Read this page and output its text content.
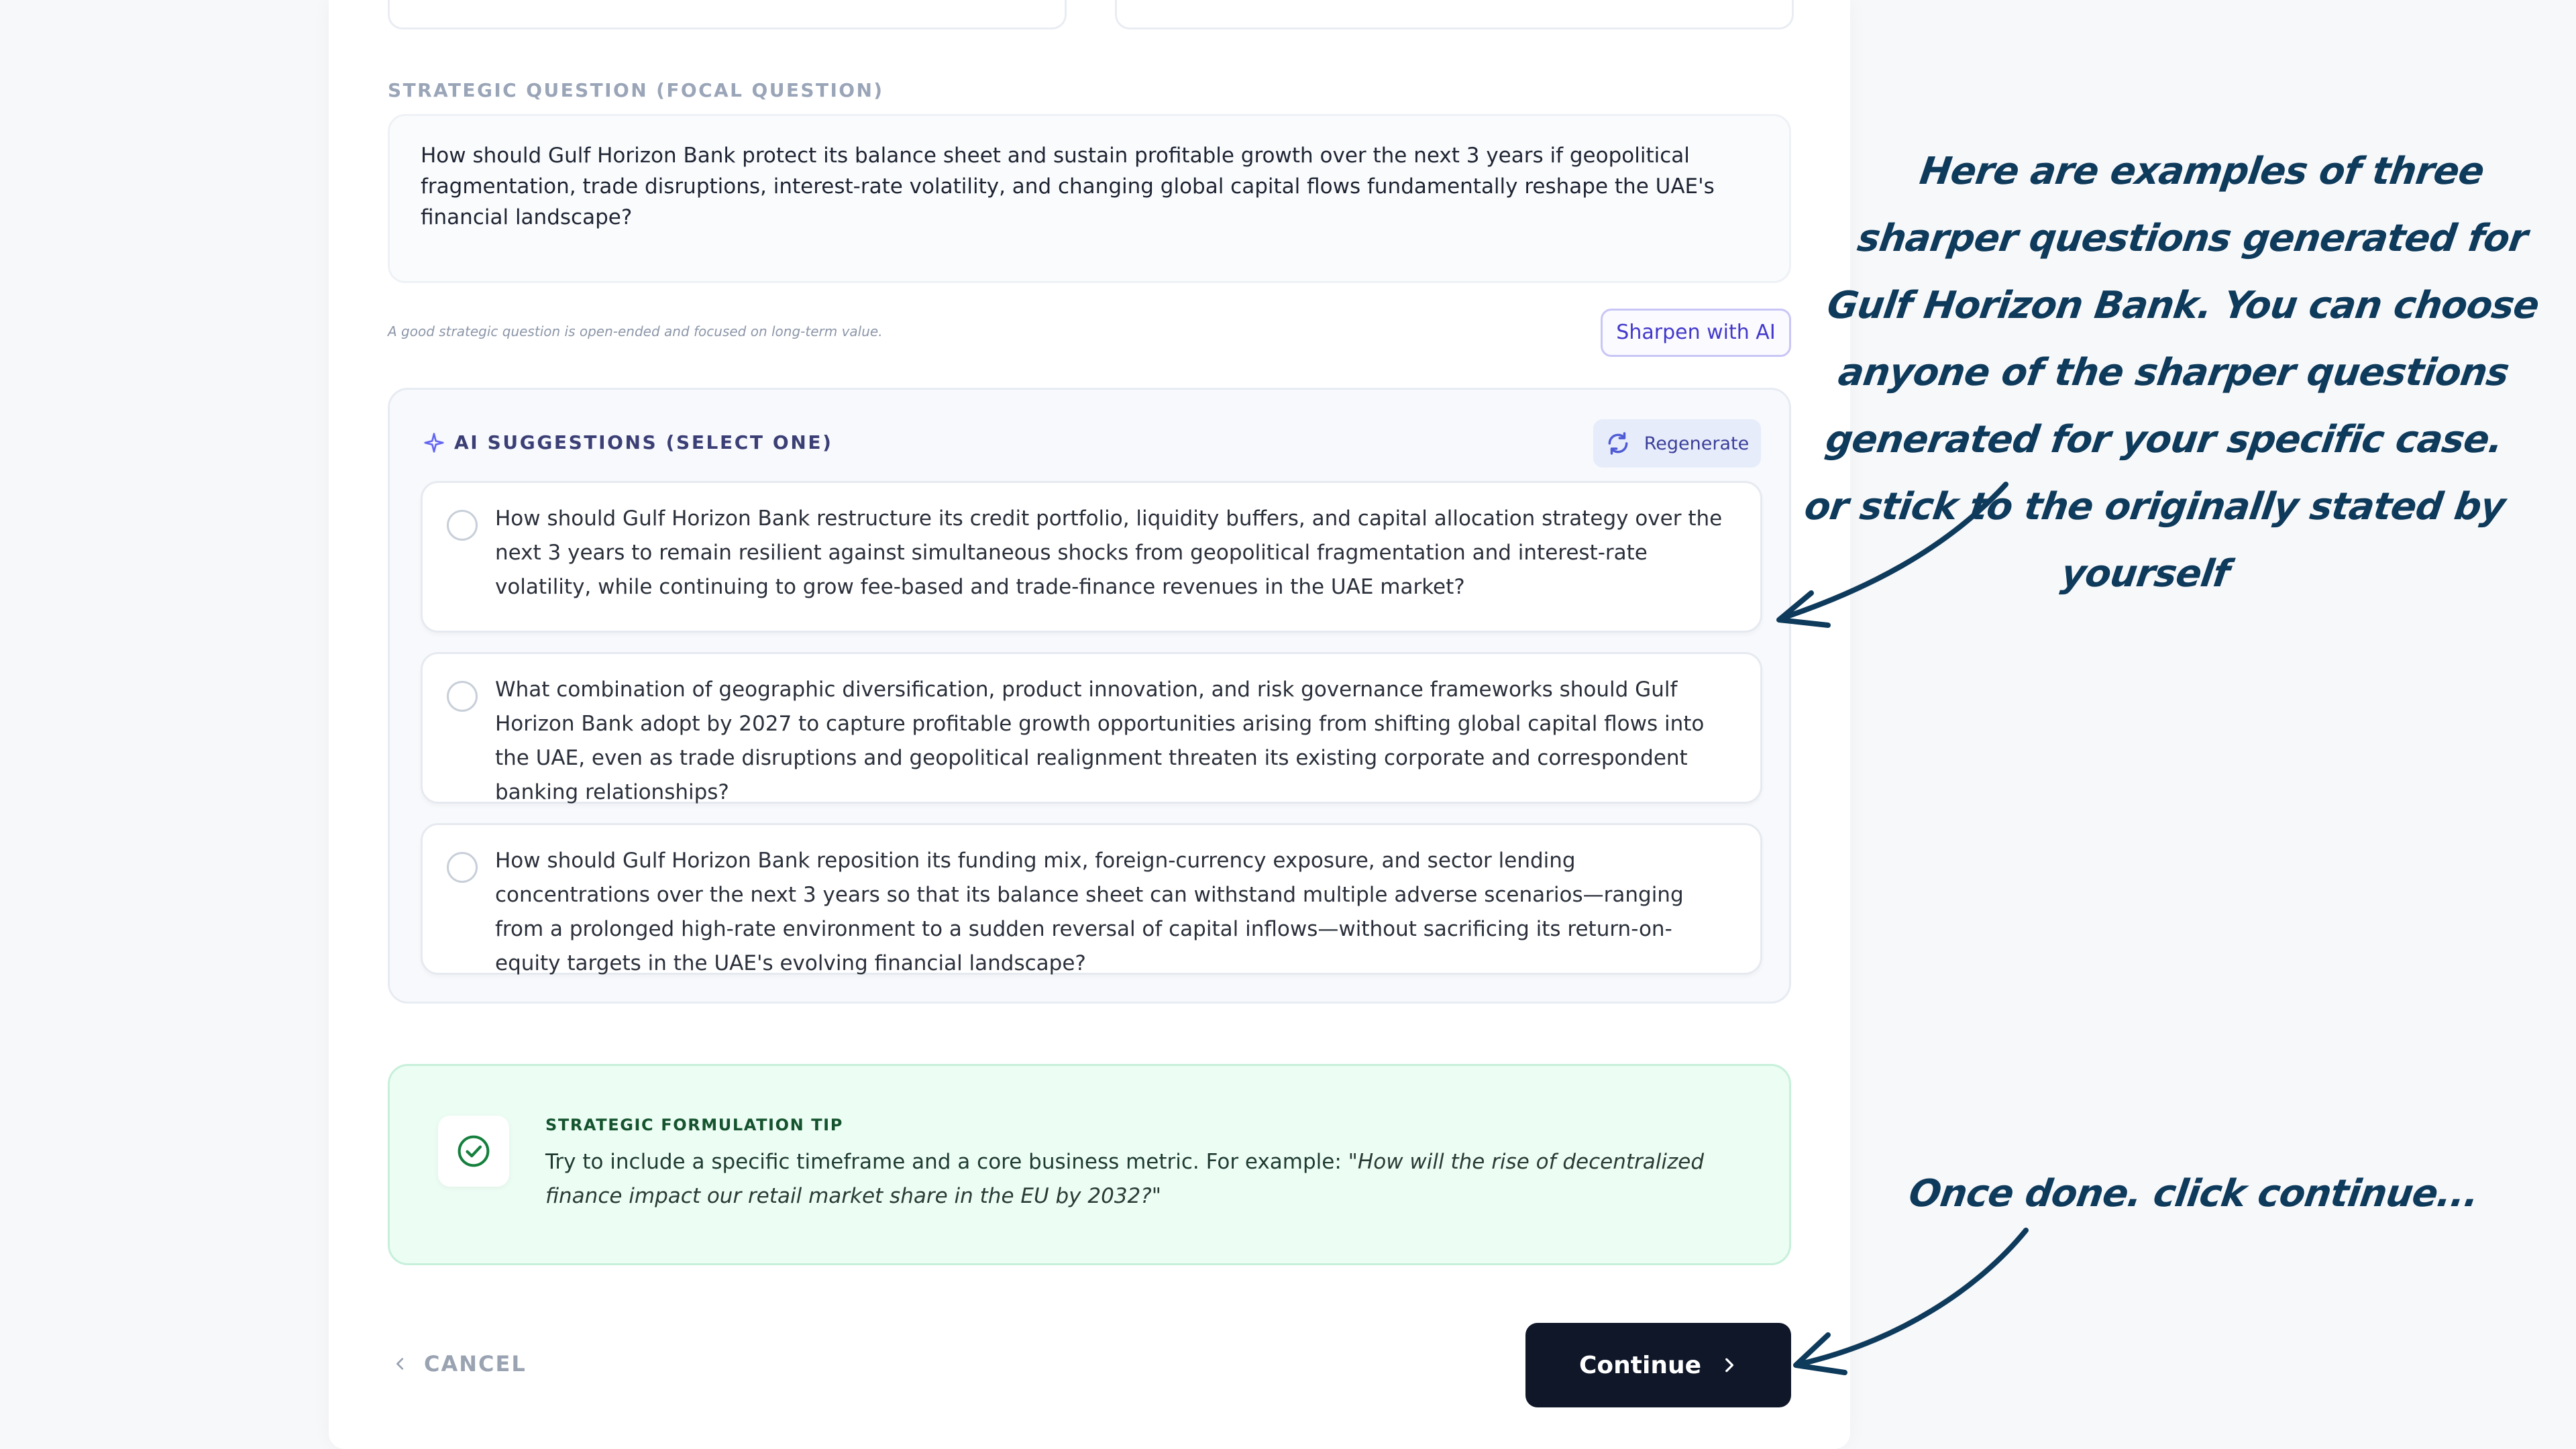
STRATEGIC QUESTION (FOCAL QUESTION)
How should Gulf Horizon Bank protect its balance sheet and sustain profitable growth over the next 3 years if geopolitical fragmentation, trade disruptions, interest-rate volatility, and changing global capital flows fundamentally reshape the UAE's financial landscape?
A good strategic question is open-ended and focused on long-term value.	Sharpen with AI
AI SUGGESTIONS (SELECT ONE)	Regenerate
How should Gulf Horizon Bank restructure its credit portfolio, liquidity buffers, and capital allocation strategy over the next 3 years to remain resilient against simultaneous shocks from geopolitical fragmentation and interest-rate volatility, while continuing to grow fee-based and trade-finance revenues in the UAE market?
What combination of geographic diversification, product innovation, and risk governance frameworks should Gulf Horizon Bank adopt by 2027 to capture profitable growth opportunities arising from shifting global capital flows into the UAE, even as trade disruptions and geopolitical realignment threaten its existing corporate and correspondent banking relationships?
How should Gulf Horizon Bank reposition its funding mix, foreign-currency exposure, and sector lending concentrations over the next 3 years so that its balance sheet can withstand multiple adverse scenarios—ranging from a prolonged high-rate environment to a sudden reversal of capital inflows—without sacrificing its return-on-equity targets in the UAE's evolving financial landscape?
STRATEGIC FORMULATION TIP
Try to include a specific timeframe and a core business metric. For example: "How will the rise of decentralized finance impact our retail market share in the EU by 2032?"
CANCEL	Continue
Here are examples of three sharper questions generated for Gulf Horizon Bank. You can choose anyone of the sharper questions generated for your specific case. or stick to the originally stated by yourself
Once done. click continue...
